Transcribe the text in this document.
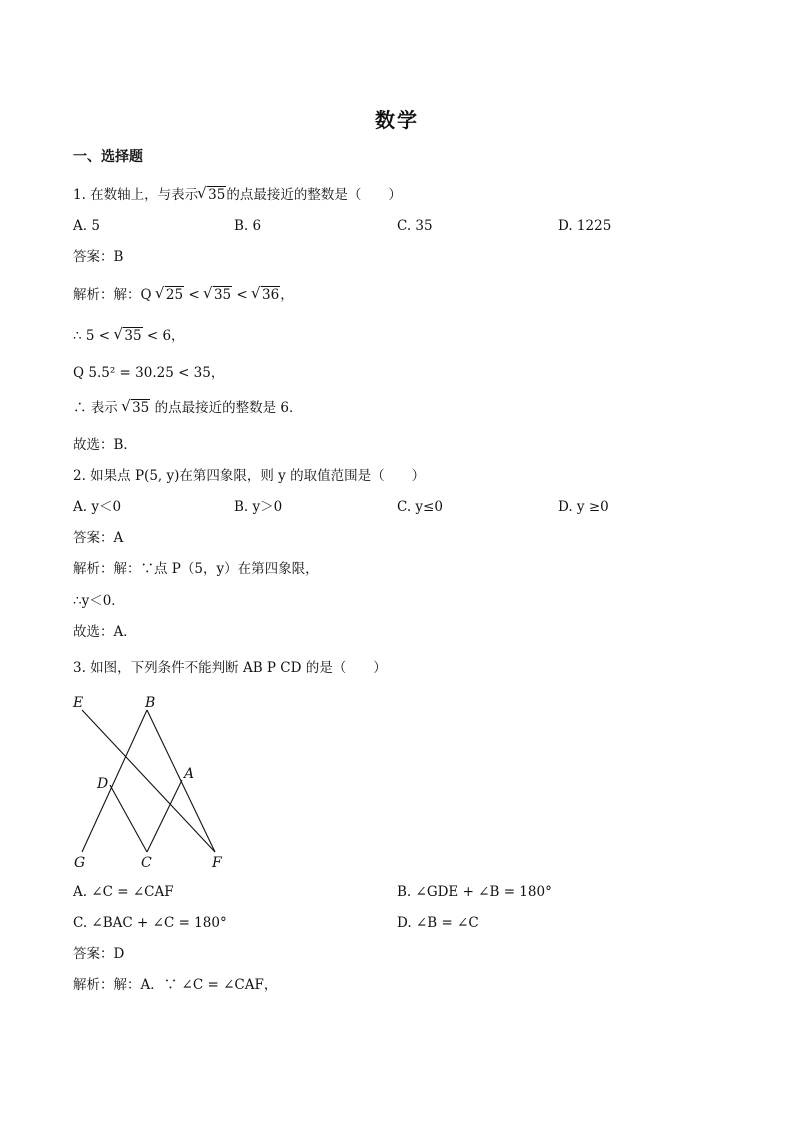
数学
一、选择题
1. 在数轴上，与表示 √ 35的点最接近的整数是（　　）
A. 5	B. 6	C. 35	D. 1225
答案：B
解析：解：Q √ 25 < √ 35 < √ 36，
∴ 5 < √ 35 < 6，
Q 5.5² = 30.25 < 35，
∴ 表示 √ 35 的点最接近的整数是 6．
故选：B．
2. 如果点 P(5, y)在第四象限，则 y 的取值范围是（　　）
A. y＜0	B. y＞0	C. y≤0	D. y ≥0
答案：A
解析：解：∵点 P（5，y）在第四象限，
∴y＜0．
故选：A．
3. 如图，下列条件不能判断 AB P CD 的是（　　）
E	B
D
A
G	C	F
A. ∠C = ∠CAF	B. ∠GDE + ∠B = 180°
C. ∠BAC + ∠C = 180°	D. ∠B = ∠C
答案：D
解析：解：A．∵ ∠C = ∠CAF，
